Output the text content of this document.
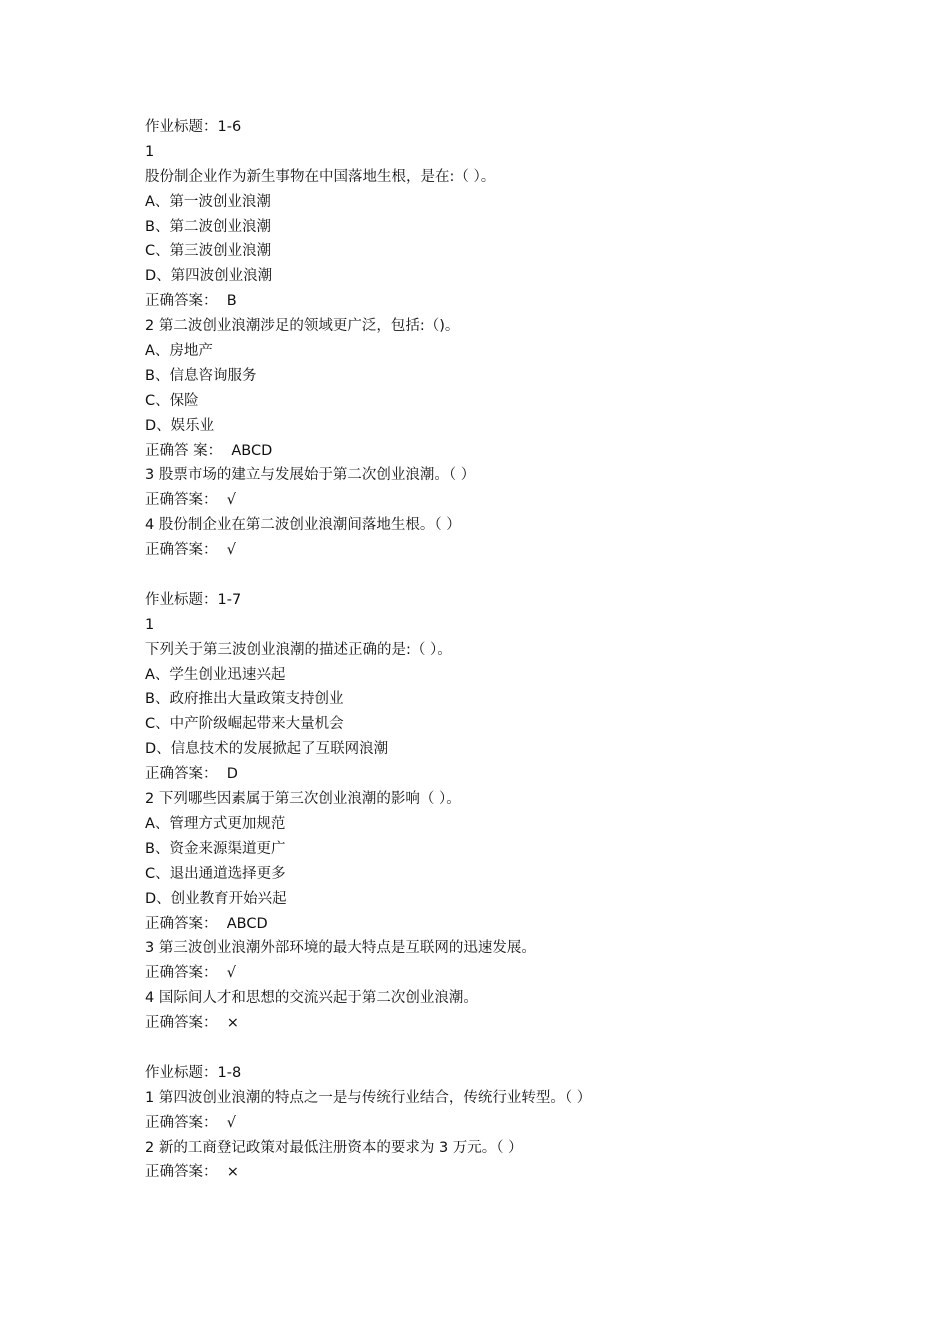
作业标题：1-6
1
股份制企业作为新生事物在中国落地生根，是在:（ ）。
A、第一波创业浪潮
B、第二波创业浪潮
C、第三波创业浪潮
D、第四波创业浪潮
正确答案：  B
2 第二波创业浪潮涉足的领域更广泛，包括:（)。
A、房地产
B、信息咨询服务
C、保险
D、娱乐业
正确答 案：  ABCD
3 股票市场的建立与发展始于第二次创业浪潮。（ ）
正确答案：  √
4 股份制企业在第二波创业浪潮间落地生根。（ ）
正确答案：  √
作业标题：1-7
1
下列关于第三波创业浪潮的描述正确的是:（ ）。
A、学生创业迅速兴起
B、政府推出大量政策支持创业
C、中产阶级崛起带来大量机会
D、信息技术的发展掀起了互联网浪潮
正确答案：  D
2 下列哪些因素属于第三次创业浪潮的影响（ ）。
A、管理方式更加规范
B、资金来源渠道更广
C、退出通道选择更多
D、创业教育开始兴起
正确答案：  ABCD
3 第三波创业浪潮外部环境的最大特点是互联网的迅速发展。
正确答案：  √
4 国际间人才和思想的交流兴起于第二次创业浪潮。
正确答案：  ×
作业标题：1-8
1 第四波创业浪潮的特点之一是与传统行业结合，传统行业转型。（ ）
正确答案：  √
2 新的工商登记政策对最低注册资本的要求为 3 万元。（ ）
正确答案：  ×
